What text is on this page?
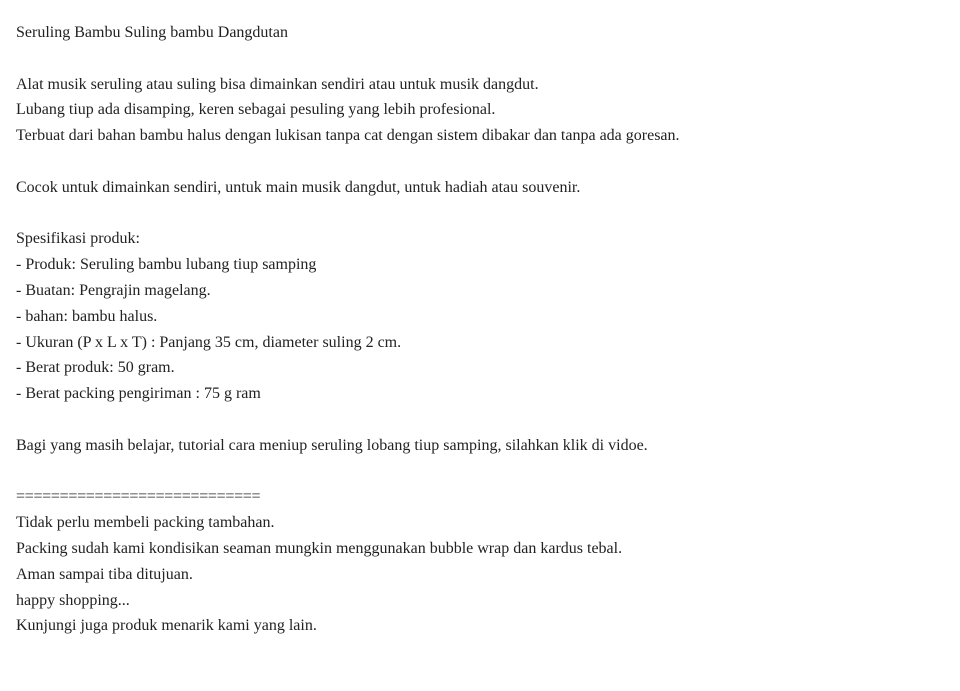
Seruling Bambu Suling bambu Dangdutan
Alat musik seruling atau suling bisa dimainkan sendiri atau untuk musik dangdut.
Lubang tiup ada disamping, keren sebagai pesuling yang lebih profesional.
Terbuat dari bahan bambu halus dengan lukisan tanpa cat dengan sistem dibakar dan tanpa ada goresan.
Cocok untuk dimainkan sendiri, untuk main musik dangdut, untuk hadiah atau souvenir.
Spesifikasi produk:
- Produk: Seruling bambu lubang tiup samping
- Buatan: Pengrajin magelang.
- bahan: bambu halus.
- Ukuran (P x L x T) : Panjang 35 cm, diameter suling 2 cm.
- Berat produk: 50 gram.
- Berat packing pengiriman : 75 g ram
Bagi yang masih belajar, tutorial cara meniup seruling lobang tiup samping, silahkan klik di vidoe.
============================
Tidak perlu membeli packing tambahan.
Packing sudah kami kondisikan seaman mungkin menggunakan bubble wrap dan kardus tebal.
Aman sampai tiba ditujuan.
happy shopping...
Kunjungi juga produk menarik kami yang lain.
